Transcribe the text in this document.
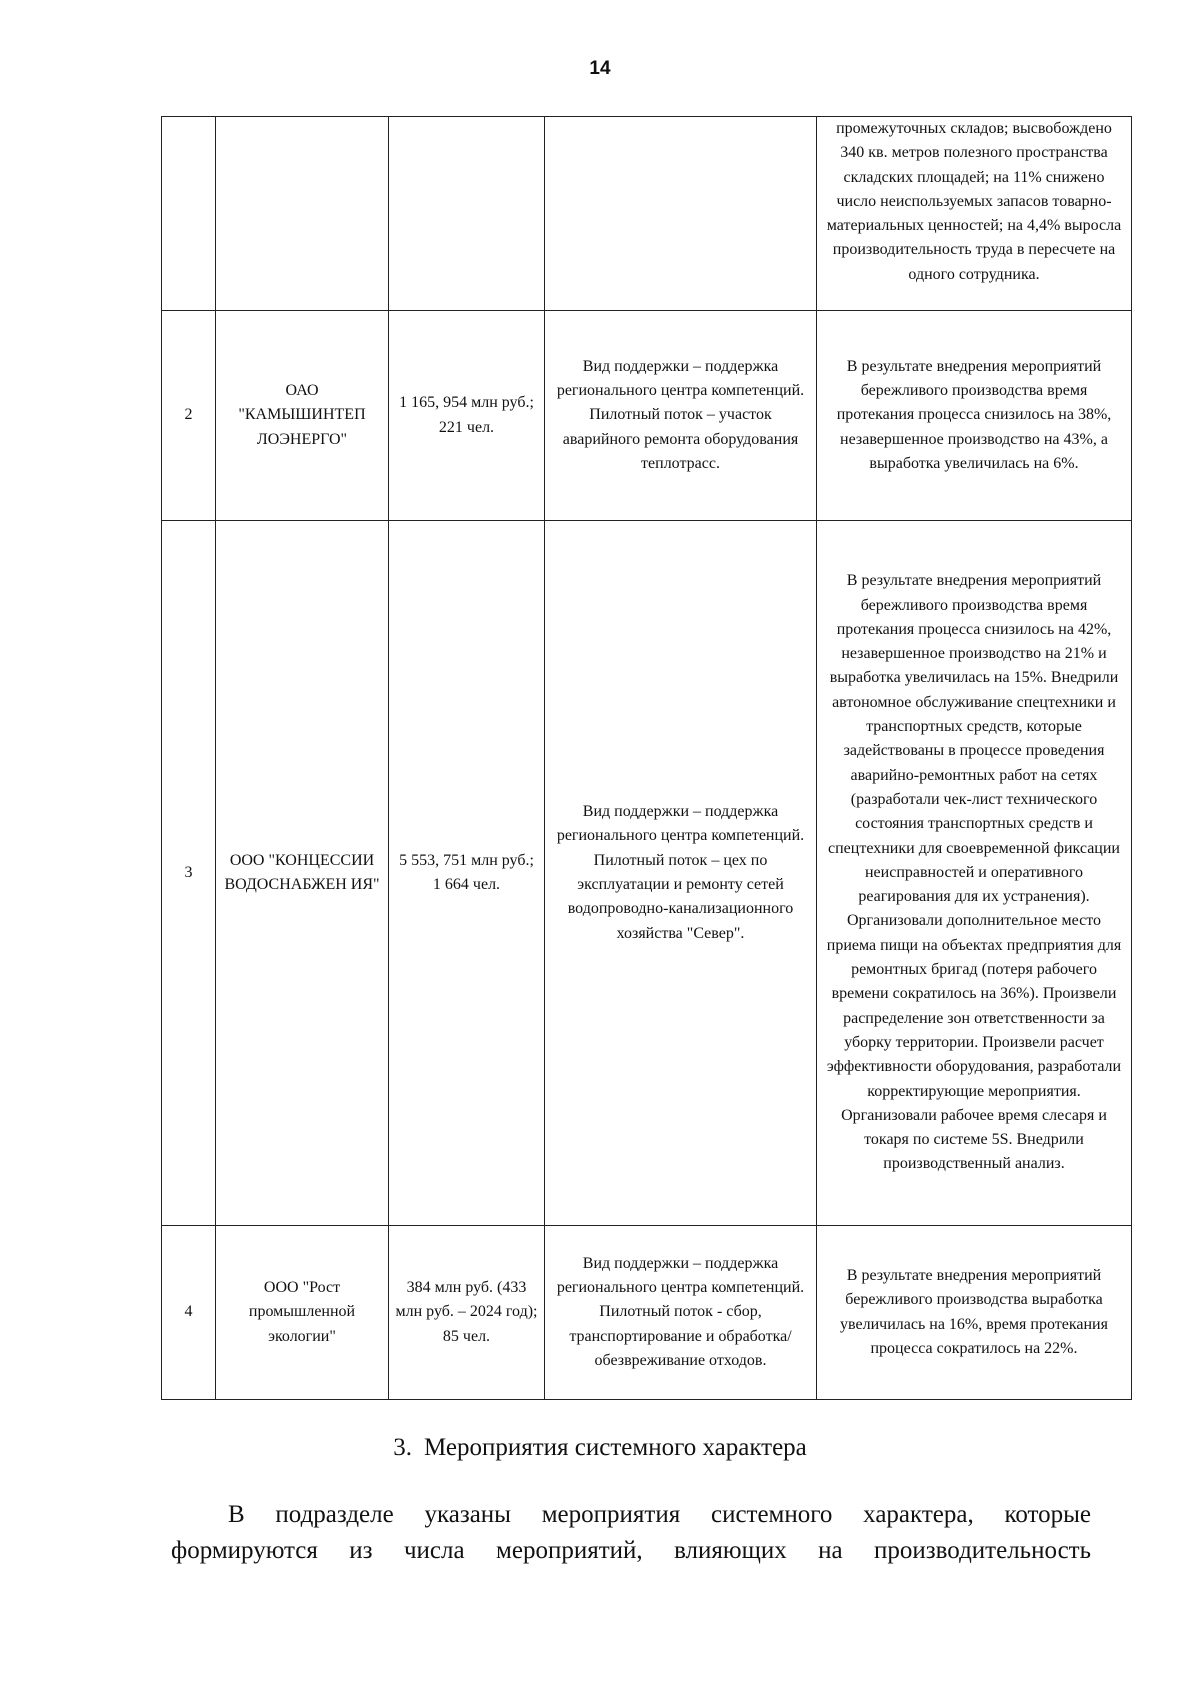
14
				промежуточных складов; высвобождено 340 кв. метров полезного пространства складских площадей; на 11% снижено число неиспользуемых запасов товарно-материальных ценностей; на 4,4% выросла производительность труда в пересчете на одного сотрудника.
2	ОАО "КАМЫШИНТЕП ЛОЭНЕРГО"	1 165, 954 млн руб.; 221 чел.	Вид поддержки – поддержка регионального центра компетенций. Пилотный поток – участок аварийного ремонта оборудования теплотрасс.	В результате внедрения мероприятий бережливого производства время протекания процесса снизилось на 38%, незавершенное производство на 43%, а выработка увеличилась на 6%.
3	ООО "КОНЦЕССИИ ВОДОСНАБЖЕН ИЯ"	5 553, 751 млн руб.; 1 664 чел.	Вид поддержки – поддержка регионального центра компетенций. Пилотный поток – цех по эксплуатации и ремонту сетей водопроводно-канализационного хозяйства "Север".	В результате внедрения мероприятий бережливого производства время протекания процесса снизилось на 42%, незавершенное производство на 21% и выработка увеличилась на 15%. Внедрили автономное обслуживание спецтехники и транспортных средств, которые задействованы в процессе проведения аварийно-ремонтных работ на сетях (разработали чек-лист технического состояния транспортных средств и спецтехники для своевременной фиксации неисправностей и оперативного реагирования для их устранения). Организовали дополнительное место приема пищи на объектах предприятия для ремонтных бригад (потеря рабочего времени сократилось на 36%). Произвели распределение зон ответственности за уборку территории. Произвели расчет эффективности оборудования, разработали корректирующие мероприятия. Организовали рабочее время слесаря и токаря по системе 5S. Внедрили производственный анализ.
4	ООО "Рост промышленной экологии"	384 млн руб. (433 млн руб. – 2024 год); 85 чел.	Вид поддержки – поддержка регионального центра компетенций. Пилотный поток - сбор, транспортирование и обработка/обезвреживание отходов.	В результате внедрения мероприятий бережливого производства выработка увеличилась на 16%, время протекания процесса сократилось на 22%.
3. Мероприятия системного характера
В подразделе указаны мероприятия системного характера, которые формируются из числа мероприятий, влияющих на производительность
